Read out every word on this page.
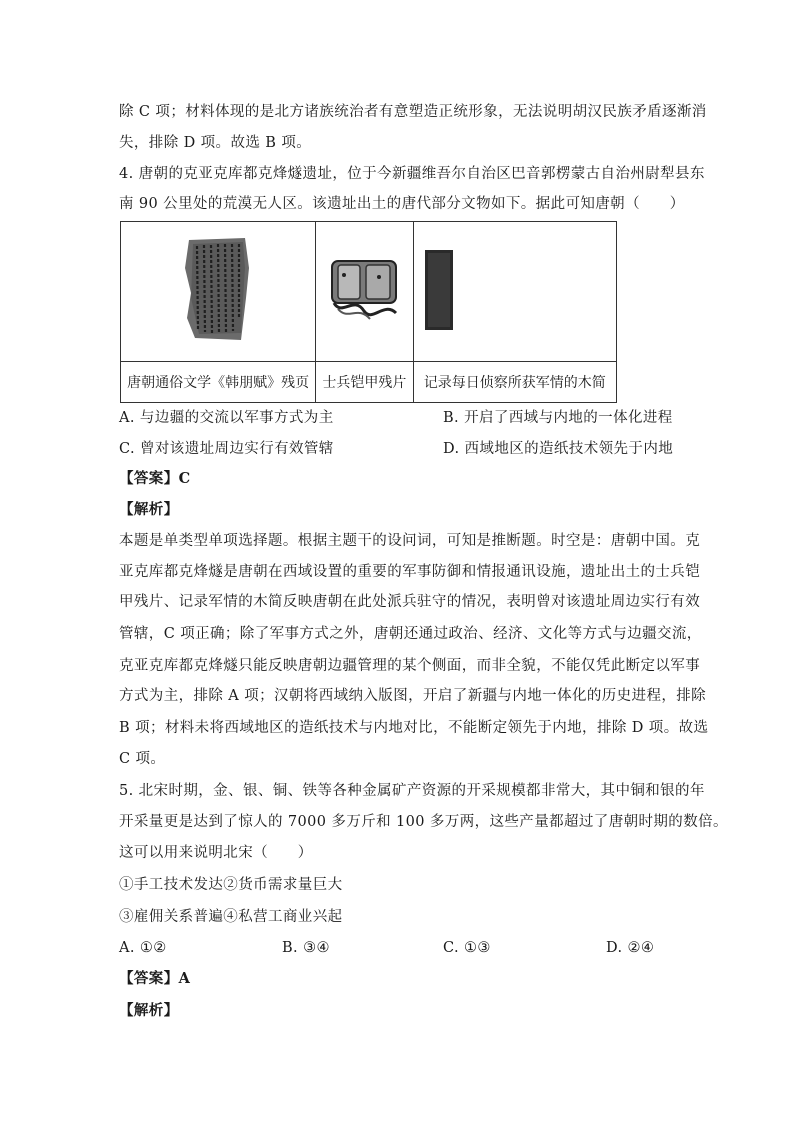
除 C 项；材料体现的是北方诸族统治者有意塑造正统形象，无法说明胡汉民族矛盾逐渐消
失，排除 D 项。故选 B 项。
4. 唐朝的克亚克库都克烽燧遗址，位于今新疆维吾尔自治区巴音郭楞蒙古自治州尉犁县东
南 90 公里处的荒漠无人区。该遗址出土的唐代部分文物如下。据此可知唐朝（　　）

唐朝通俗文学《韩朋赋》残页	士兵铠甲残片	记录每日侦察所获军情的木简
A. 与边疆的交流以军事方式为主	B. 开启了西域与内地的一体化进程
C. 曾对该遗址周边实行有效管辖	D. 西域地区的造纸技术领先于内地
【答案】C
【解析】
本题是单类型单项选择题。根据主题干的设问词，可知是推断题。时空是：唐朝中国。克
亚克库都克烽燧是唐朝在西域设置的重要的军事防御和情报通讯设施，遗址出土的士兵铠
甲残片、记录军情的木简反映唐朝在此处派兵驻守的情况，表明曾对该遗址周边实行有效
管辖，C 项正确；除了军事方式之外，唐朝还通过政治、经济、文化等方式与边疆交流，
克亚克库都克烽燧只能反映唐朝边疆管理的某个侧面，而非全貌，不能仅凭此断定以军事
方式为主，排除 A 项；汉朝将西域纳入版图，开启了新疆与内地一体化的历史进程，排除
B 项；材料未将西域地区的造纸技术与内地对比，不能断定领先于内地，排除 D 项。故选
C 项。
5. 北宋时期，金、银、铜、铁等各种金属矿产资源的开采规模都非常大，其中铜和银的年
开采量更是达到了惊人的 7000 多万斤和 100 多万两，这些产量都超过了唐朝时期的数倍。
这可以用来说明北宋（　　）
①手工技术发达②货币需求量巨大
③雇佣关系普遍④私营工商业兴起
A. ①②	B. ③④	C. ①③	D. ②④
【答案】A
【解析】
